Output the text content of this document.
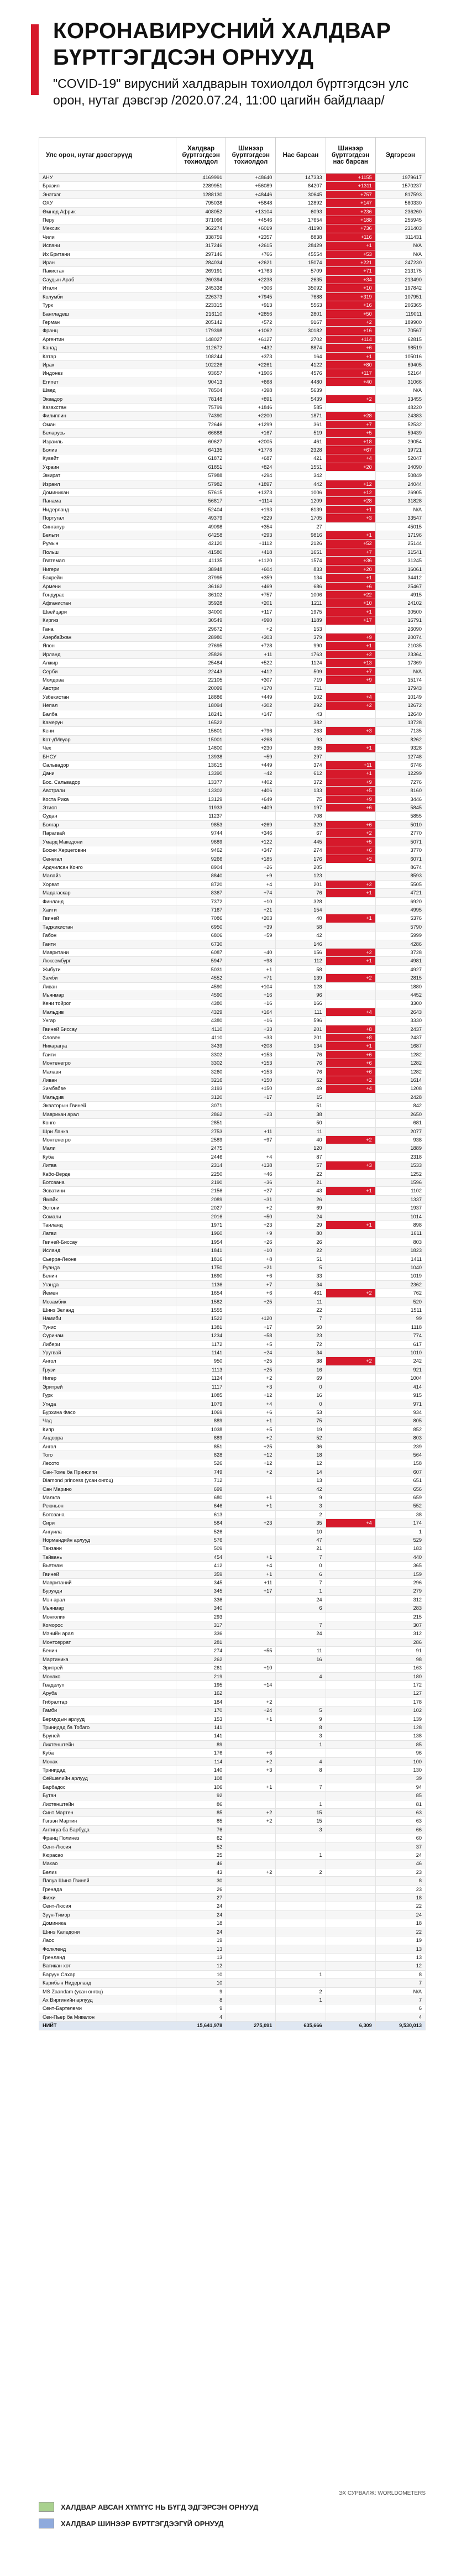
КОРОНАВИРУСНИЙ ХАЛДВАР БҮРТГЭГДСЭН ОРНУУД
"COVID-19" вирусний халдварын тохиолдол бүртгэгдсэн улс орон, нутаг дэвсгэр /2020.07.24, 11:00 цагийн байдлаар/
Улс орон, нутаг дэвсгэрүүд	Халдвар бүртгэгдсэн тохиолдол	Шинээр бүртгэгдсэн тохиолдол	Нас барсан	Шинээр бүртгэгдсэн нас барсан	Эдгэрсэн
АНУ	4169991	+48640	147333	+1155	1979617
Бразил	2289951	+56089	84207	+1311	1570237
Энэтхэг	1288130	+48446	30645	+757	817593
ОХУ	795038	+5848	12892	+147	580330
Өмнөд Африк	408052	+13104	6093	+236	236260
Перу	371096	+4546	17654	+188	255945
Мексик	362274	+6019	41190	+736	231403
Чили	338759	+2357	8838	+116	311431
Испани	317246	+2615	28429	+1	N/A
Их Британи	297146	+766	45554	+53	N/A
Иран	284034	+2621	15074	+221	247230
Пакистан	269191	+1763	5709	+71	213175
Саудын Араб	260394	+2238	2635	+34	213490
Итали	245338	+306	35092	+10	197842
Колумби	226373	+7945	7688	+319	107951
Турк	223315	+913	5563	+16	206365
Бангладеш	216110	+2856	2801	+50	119011
Герман	205142	+572	9167	+2	189900
Франц	179398	+1062	30182	+16	70567
Аргентин	148027	+6127	2702	+114	62815
Канад	112672	+432	8874	+6	98519
Катар	108244	+373	164	+1	105016
Ирак	102226	+2261	4122	+80	69405
Индонез	93657	+1906	4576	+117	52164
Египет	90413	+668	4480	+40	31066
Швед	78504	+398	5639		N/A
Эквадор	78148	+891	5439	+2	33455
Казахстан	75799	+1846	585		48220
Филиппин	74390	+2200	1871	+28	24383
Оман	72646	+1299	361	+7	52532
Беларусь	66688	+167	519	+5	59439
Израиль	60627	+2005	461	+18	29054
Болив	64135	+1778	2328	+67	19721
Кувейт	61872	+687	421	+4	52047
Украин	61851	+824	1551	+20	34090
Эмират	57988	+294	342		50849
Израил	57982	+1897	442	+12	24044
Доминикан	57615	+1373	1006	+12	26905
Панама	56817	+1114	1209	+28	31828
Нидерланд	52404	+193	6139	+1	N/A
Португал	49379	+229	1705	+3	33547
Сингапур	49098	+354	27		45015
Бельги	64258	+293	9816	+1	17196
Румын	42120	+1112	2126	+52	25144
Польш	41580	+418	1651	+7	31541
Гватемал	41135	+1120	1574	+36	31245
Нигери	38948	+604	833	+20	16061
Бахрейн	37995	+359	134	+1	34412
Армени	36162	+469	686	+6	25467
Гондурас	36102	+757	1006	+22	4915
Афганистан	35928	+201	1211	+10	24102
Швейцари	34000	+117	1975	+1	30500
Киргиз	30549	+990	1189	+17	16791
Гана	29672	+2	153		26090
Азербайжан	28980	+303	379	+9	20074
Япон	27695	+728	990	+1	21035
Ирланд	25826	+11	1763	+2	23364
Алжир	25484	+522	1124	+13	17369
Серби	22443	+412	509	+7	N/A
Молдова	22105	+307	719	+9	15174
Австри	20099	+170	711		17943
Узбекистан	18886	+449	102	+4	10149
Непал	18094	+302	292	+2	12672
Балба	18241	+147	43		12640
Камерун	16522		382		13728
Кени	15601	+796	263	+3	7135
Кот-д'Ивуар	15001	+268	93		8262
Чех	14800	+230	365	+1	9328
БНСУ	13938	+59	297		12748
Сальвадор	13615	+449	374	+11	6746
Дани	13390	+42	612	+1	12299
Бос. Сальвадор	13377	+402	372	+9	7276
Австрали	13302	+406	133	+5	8160
Коста Рика	13129	+649	75	+9	3446
Этиоп	11933	+409	197	+6	5845
Судан	11237		708		5855
Болгар	9853	+269	329	+6	5010
Парагвай	9744	+346	67	+2	2770
Умард Македони	9689	+122	445	+5	5071
Босни Херцеговин	9462	+347	274	+6	3770
Сенегал	9266	+185	176	+2	6071
Ардчилсан Конго	8904	+26	205		8674
Малайз	8840	+9	123		8593
Хорват	8720	+4	201	+2	5505
Мадагаскар	8367	+74	76	+1	4721
Финланд	7372	+10	328		6920
Хаити	7167	+21	154		4995
Гвиней	7086	+203	40	+1	5376
Таджикистан	6950	+39	58		5790
Габон	6806	+59	42		5999
Гаити	6730		146		4286
Мавритани	6087	+40	156	+2	3728
Люксембург	5947	+98	112	+1	4981
Жибути	5031	+1	58		4927
Замби	4552	+71	139	+2	2815
Ливан	4590	+104	128		1880
Мьянмар	4590	+16	96		4452
Кени тойрог	4380	+16	166		3300
Мальдив	4329	+164	111	+4	2643
Унгар	4380	+16	596		3330
Гвиней Биссау	4110	+33	201	+8	2437
Словен	4110	+33	201	+8	2437
Никарагуа	3439	+208	134	+1	1687
Гаити	3302	+153	76	+6	1282
Монтенегро	3302	+153	76	+6	1282
Малави	3260	+153	76	+6	1282
Ливан	3216	+150	52	+2	1614
Зимбабве	3193	+150	49	+4	1208
Мальдив	3120	+17	15		2428
Экваторын Гвиней	3071		51		842
Маврикан арал	2862	+23	38		2650
Конго	2851		50		681
Шри Ланка	2753	+11	11		2077
Монтенегро	2589	+97	40	+2	938
Мали	2475		120		1889
Куба	2446	+4	87		2318
Литва	2314	+138	57	+3	1533
Кабо-Верде	2250	+46	22		1252
Ботсвана	2190	+36	21		1596
Эсватини	2156	+27	43	+1	1102
Ямайк	2089	+31	26		1337
Эстони	2027	+2	69		1937
Сомали	2016	+50	24		1014
Таиланд	1971	+23	29	+1	898
Латви	1960	+9	80		1611
Гвиней-Биссау	1954	+26	26		803
Исланд	1841	+10	22		1823
Сьерра-Леоне	1816	+8	51		1411
Руанда	1750	+21	5		1040
Бенин	1690	+6	33		1019
Уганда	1136	+7	34		2362
Йемен	1654	+6	461	+2	762
Мозамбик	1582	+25	11		520
Шинэ Зеланд	1555		22		1511
Намиби	1522	+120	7		99
Тунис	1381	+17	50		1118
Суринам	1234	+58	23		774
Либери	1172	+5	72		617
Уругвай	1141	+24	34		1010
Ангол	950	+25	38	+2	242
Грузи	1113	+25	16		921
Нигер	1124	+2	69		1004
Эритрей	1117	+3	0		414
Гурк	1085	+12	16		915
Угнда	1079	+4	0		971
Бурхина Фасо	1069	+6	53		934
Чад	889	+1	75		805
Кипр	1038	+5	19		852
Андорра	889	+2	52		803
Ангол	851	+25	36		239
Того	828	+12	18		564
Лесото	526	+12	12		158
Сан-Томе ба Принсипи	749	+2	14		607
Diamond princess (усан онгоц)	712		13		651
Сан Марино	699		42		656
Мальта	680	+1	9		659
Реюньон	646	+1	3		552
Ботсвана	613		2		38
Сири	584	+23	35	+4	174
Ангуила	526		10		1
Нормандийн арлууд	576		47		529
Танзани	509		21		183
Тайвань	454	+1	7		440
Вьетнам	412	+4	0		365
Гвиней	359	+1	6		159
Мавританий	345	+11	7		296
Бурунди	345	+17	1		279
Мэн арал	336		24		312
Мьянмар	340		6		283
Монголия	293				215
Коморос	317		7		307
Мэнийн арал	336		24		312
Монтсеррат	281				286
Бенин	274	+55	11		91
Мартиника	262		16		98
Эритрей	261	+10			163
Монако	219		4		180
Гваделуп	195	+14			172
Аруба	162				127
Гибралтар	184	+2			178
Гамби	170	+24	5		102
Бермудын арлууд	153	+1	9		139
Тринидад ба Тобаго	141		8		128
Бруней	141		3		138
Лихтенштейн	89		1		85
Куба	176	+6			96
Монак	114	+2	4		100
Тринидад	140	+3	8		130
Сейшелийн арлууд	108				39
Барбадос	106	+1	7		94
Бутан	92				85
Лихтенштейн	86		1		81
Синт Мартен	85	+2	15		63
Гэгээн Мартин	85	+2	15		63
Антигуа ба Барбуда	76		3		66
Франц Полинез	62				60
Сент-Люсия	52				37
Кюрасао	25		1		24
Макао	46				46
Белиз	43	+2	2		23
Папуа Шинэ Гвиней	30				8
Гренада	26				23
Фижи	27				18
Сент-Люсия	24				22
Зүүн-Тимор	24				24
Доминика	18				18
Шинэ Каледони	24				22
Лаос	19				19
Фолкленд	13				13
Гренланд	13				13
Ватикан хот	12				12
Баруун Сахар	10		1		8
Карибын Нидерланд	10				7
MS Zaandam (усан онгоц)	9		2		N/A
Ах Виргинийн арлууд	8		1		7
Сент-Бартелеми	9				6
Сен-Пьер ба Микелон	4				4
НИЙТ	15,641,978	275,091	635,666	6,309	9,530,013
ЭХ СУРВАЛЖ: WORLDOMETERS
ХАЛДВАР АВСАН ХҮМҮҮС НЬ БҮГД ЭДГЭРСЭН ОРНУУД
ХАЛДВАР ШИНЭЭР БҮРТГЭГДЭЭГҮЙ ОРНУУД
